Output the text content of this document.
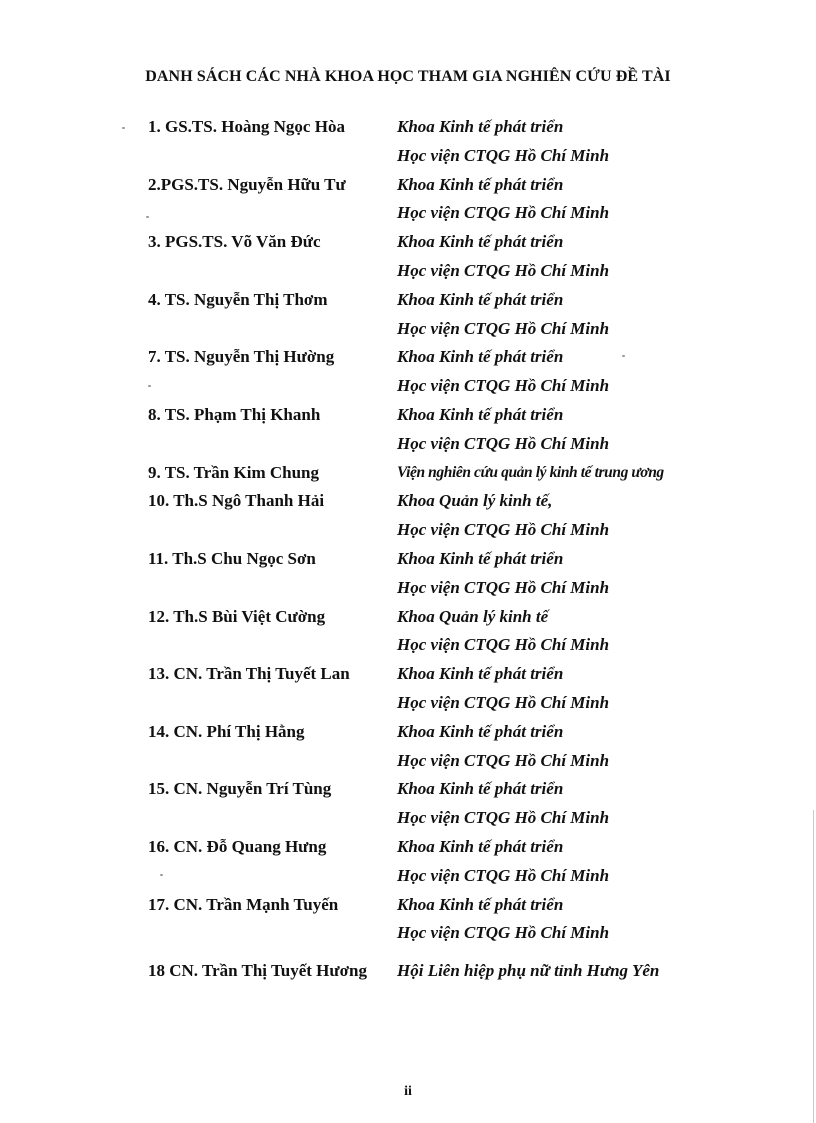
DANH SÁCH CÁC NHÀ KHOA HỌC THAM GIA NGHIÊN CỨU ĐỀ TÀI
1. GS.TS. Hoàng Ngọc Hòa	Khoa Kinh tế phát triển
Học viện CTQG Hồ Chí Minh
2.PGS.TS. Nguyễn Hữu Tư	Khoa Kinh tế phát triển
Học viện CTQG Hồ Chí Minh
3. PGS.TS. Võ Văn Đức	Khoa Kinh tế phát triển
Học viện CTQG Hồ Chí Minh
4. TS. Nguyễn Thị Thơm	Khoa Kinh tế phát triển
Học viện CTQG Hồ Chí Minh
7. TS. Nguyễn Thị Hường	Khoa Kinh tế phát triển
Học viện CTQG Hồ Chí Minh
8. TS. Phạm Thị Khanh	Khoa Kinh tế phát triển
Học viện CTQG Hồ Chí Minh
9. TS. Trần Kim Chung	Viện nghiên cứu quản lý kinh tế trung ương
10. Th.S Ngô Thanh Hải	Khoa Quản lý kinh tế,
Học viện CTQG Hồ Chí Minh
11. Th.S Chu Ngọc Sơn	Khoa Kinh tế phát triển
Học viện CTQG Hồ Chí Minh
12. Th.S Bùi Việt Cường	Khoa Quản lý kinh tế
Học viện CTQG Hồ Chí Minh
13. CN. Trần Thị Tuyết Lan	Khoa Kinh tế phát triển
Học viện CTQG Hồ Chí Minh
14. CN. Phí Thị Hằng	Khoa Kinh tế phát triển
Học viện CTQG Hồ Chí Minh
15. CN. Nguyễn Trí Tùng	Khoa Kinh tế phát triển
Học viện CTQG Hồ Chí Minh
16. CN. Đỗ Quang Hưng	Khoa Kinh tế phát triển
Học viện CTQG Hồ Chí Minh
17. CN. Trần Mạnh Tuyến	Khoa Kinh tế phát triển
Học viện CTQG Hồ Chí Minh
18 CN. Trần Thị Tuyết Hương	Hội Liên hiệp phụ nữ tỉnh Hưng Yên
ii
